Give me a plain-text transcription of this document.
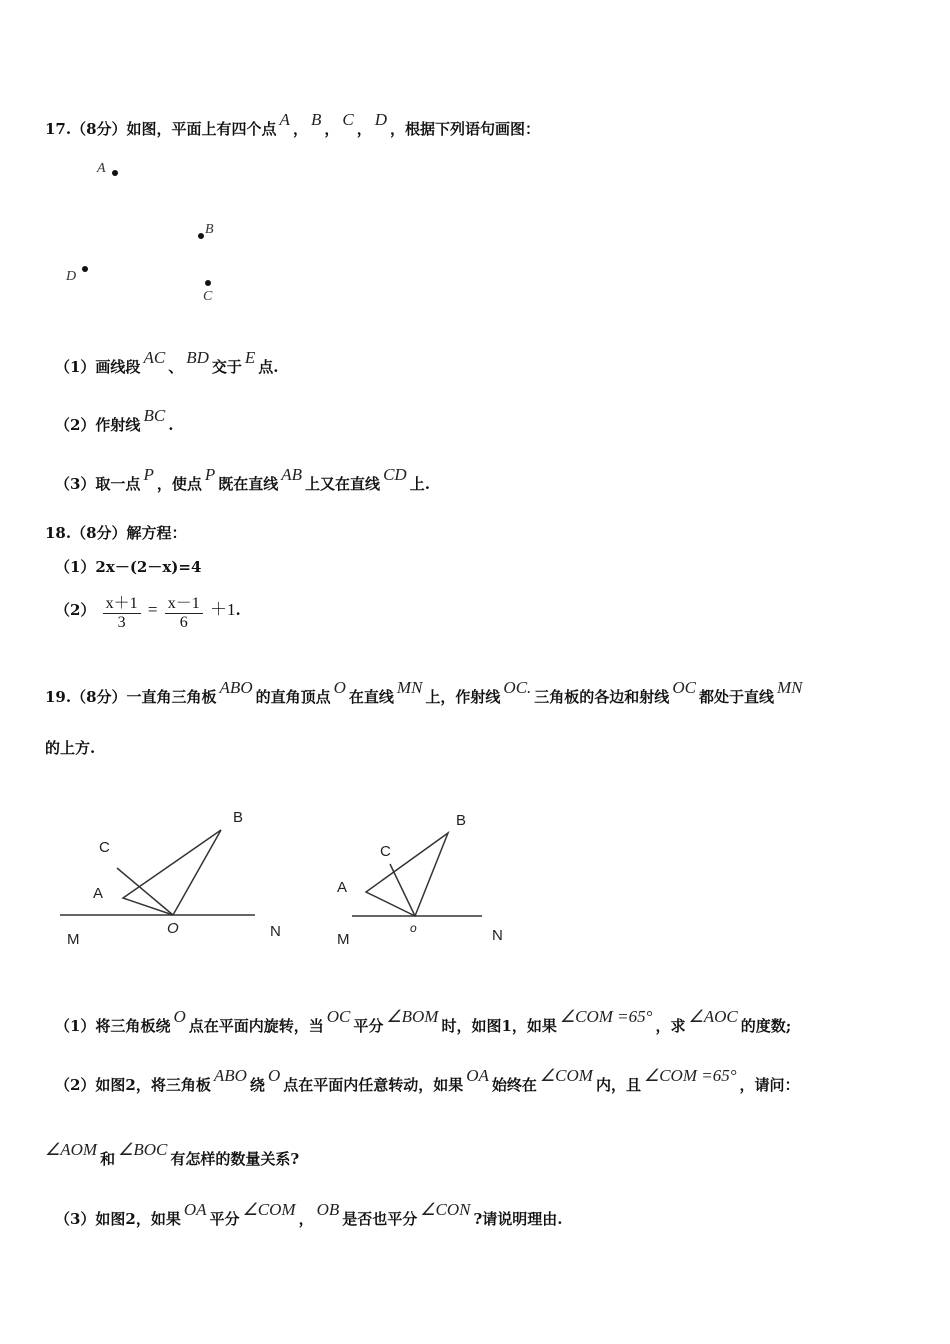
17.（8分）如图，平面上有四个点 A ， B ， C ， D ，根据下列语句画图：
A
B
C
D
（1）画线段 AC 、 BD 交于 E 点.
（2）作射线 BC .
（3）取一点 P ，使点 P 既在直线 AB 上又在直线 CD 上.
18.（8分）解方程：
（1）2x－(2－x)=4
$(2) \frac{x+1}{3} = \frac{x-1}{6} +1$.
19.（8分）一直角三角板 ABO 的直角顶点 O 在直线 MN 上，作射线 OC. 三角板的各边和射线 OC 都处于直线 MN
的上方.
B
C
A
O
M	N
B
C
A
o
M	N
（1）将三角板绕 O 点在平面内旋转，当 OC 平分 ∠BOM 时，如图1，如果 ∠COM =65° ，求 ∠AOC 的度数;
（2）如图2，将三角板 ABO 绕 O 点在平面内任意转动，如果 OA 始终在 ∠COM 内，且 ∠COM =65° ，请问：
∠AOM 和 ∠BOC 有怎样的数量关系?
（3）如图2，如果 OA 平分 ∠COM ， OB 是否也平分 ∠CON ?请说明理由.
